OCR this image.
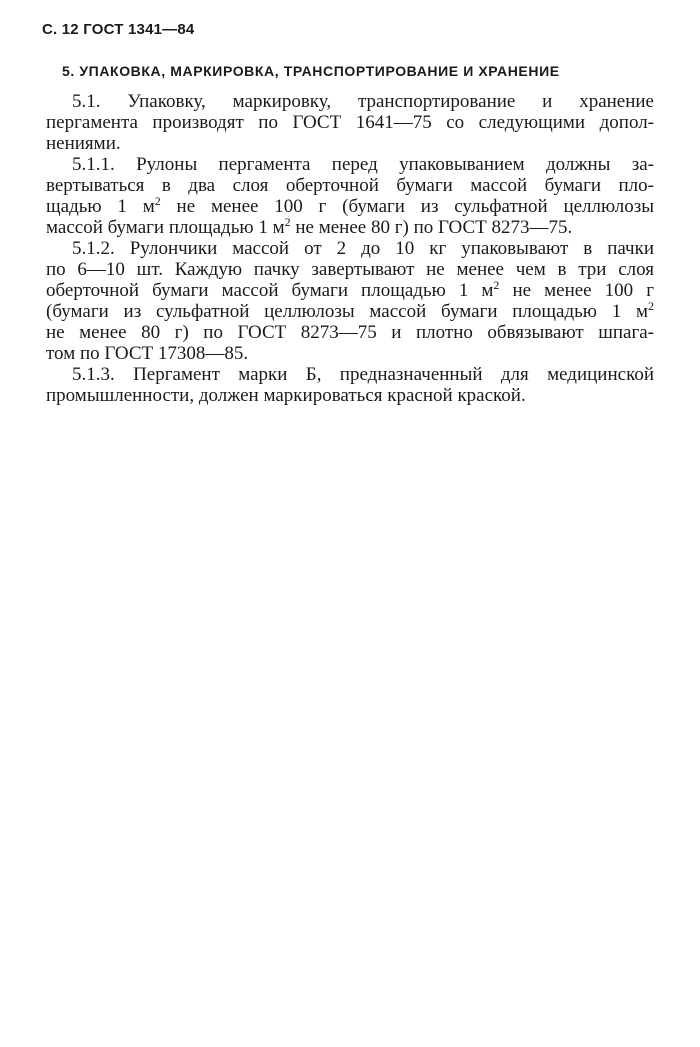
С. 12 ГОСТ 1341—84
5. УПАКОВКА, МАРКИРОВКА, ТРАНСПОРТИРОВАНИЕ И ХРАНЕНИЕ
5.1. Упаковку, маркировку, транспортирование и хранение
пергамента производят по ГОСТ 1641—75 со следующими допол-
нениями.
5.1.1. Рулоны пергамента перед упаковыванием должны за-
вертываться в два слоя оберточной бумаги массой бумаги пло-
щадью 1 $м^2$ не менее 100 г (бумаги из сульфатной целлюлозы
массой бумаги площадью 1 $м^2$ не менее 80 г) по ГОСТ 8273—75.
5.1.2. Рулончики массой от 2 до 10 кг упаковывают в пачки
по 6—10 шт. Каждую пачку завертывают не менее чем в три слоя
оберточной бумаги массой бумаги площадью 1 $м^2$ не менее 100 г
(бумаги из сульфатной целлюлозы массой бумаги площадью 1 $м^2$
не менее 80 г) по ГОСТ 8273—75 и плотно обвязывают шпага-
том по ГОСТ 17308—85.
5.1.3. Пергамент марки Б, предназначенный для медицинской
промышленности, должен маркироваться красной краской.
